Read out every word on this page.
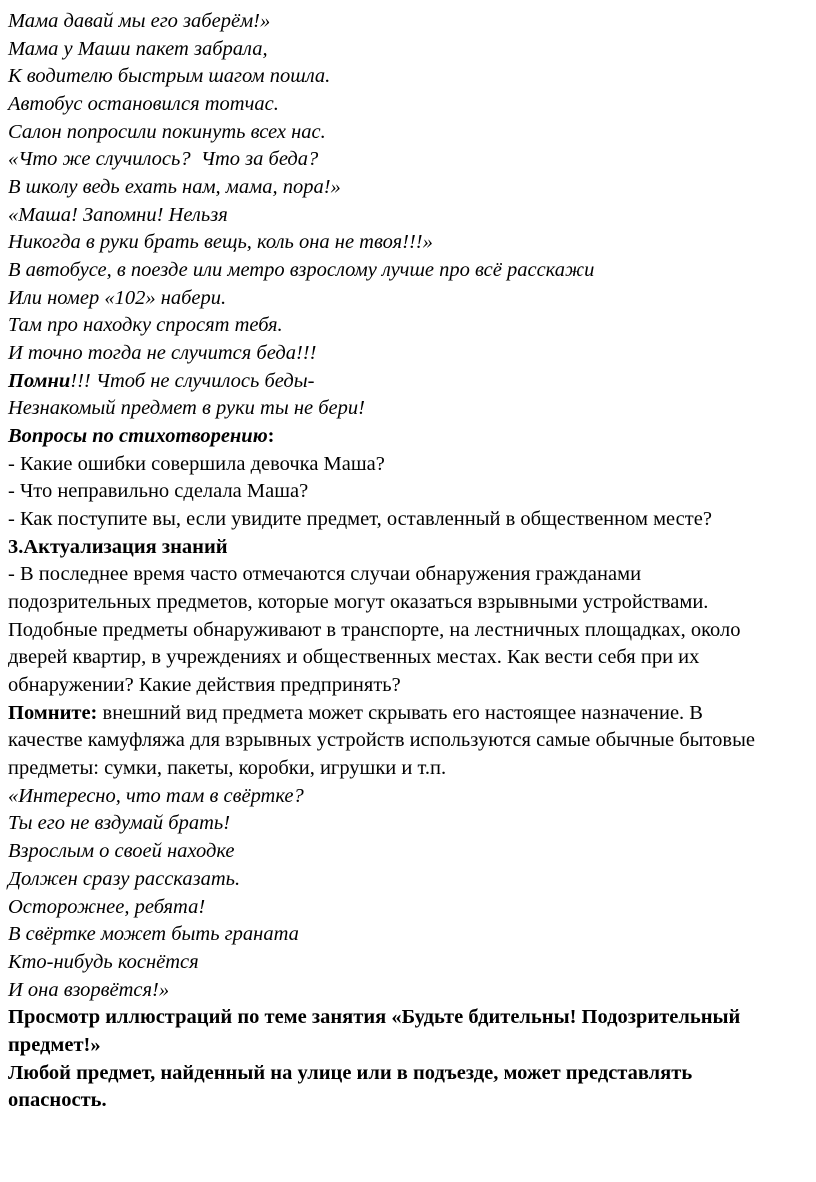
Мама давай мы его заберём!»
Мама у Маши пакет забрала,
К водителю быстрым шагом пошла.
Автобус остановился тотчас.
Салон попросили покинуть всех нас.
«Что же случилось?  Что за беда?
В школу ведь ехать нам, мама, пора!»
«Маша! Запомни! Нельзя
Никогда в руки брать вещь, коль она не твоя!!!»
В автобусе, в поезде или метро взрослому лучше про всё расскажи
Или номер «102» набери.
Там про находку спросят тебя.
И точно тогда не случится беда!!!
Помни!!! Чтоб не случилось беды-
Незнакомый предмет в руки ты не бери!
Вопросы по стихотворению:
- Какие ошибки совершила девочка Маша?
- Что неправильно сделала Маша?
- Как поступите вы, если увидите предмет, оставленный в общественном месте?
3.Актуализация знаний
- В последнее время часто отмечаются случаи обнаружения гражданами подозрительных предметов, которые могут оказаться взрывными устройствами. Подобные предметы обнаруживают в транспорте, на лестничных площадках, около дверей квартир, в учреждениях и общественных местах. Как вести себя при их обнаружении? Какие действия предпринять?
Помните: внешний вид предмета может скрывать его настоящее назначение. В качестве камуфляжа для взрывных устройств используются самые обычные бытовые предметы: сумки, пакеты, коробки, игрушки и т.п.
«Интересно, что там в свёртке?
Ты его не вздумай брать!
Взрослым о своей находке
Должен сразу рассказать.
Осторожнее, ребята!
В свёртке может быть граната
Кто-нибудь коснётся
И она взорвётся!»
Просмотр иллюстраций по теме занятия «Будьте бдительны! Подозрительный предмет!»
Любой предмет, найденный на улице или в подъезде, может представлять опасность.
